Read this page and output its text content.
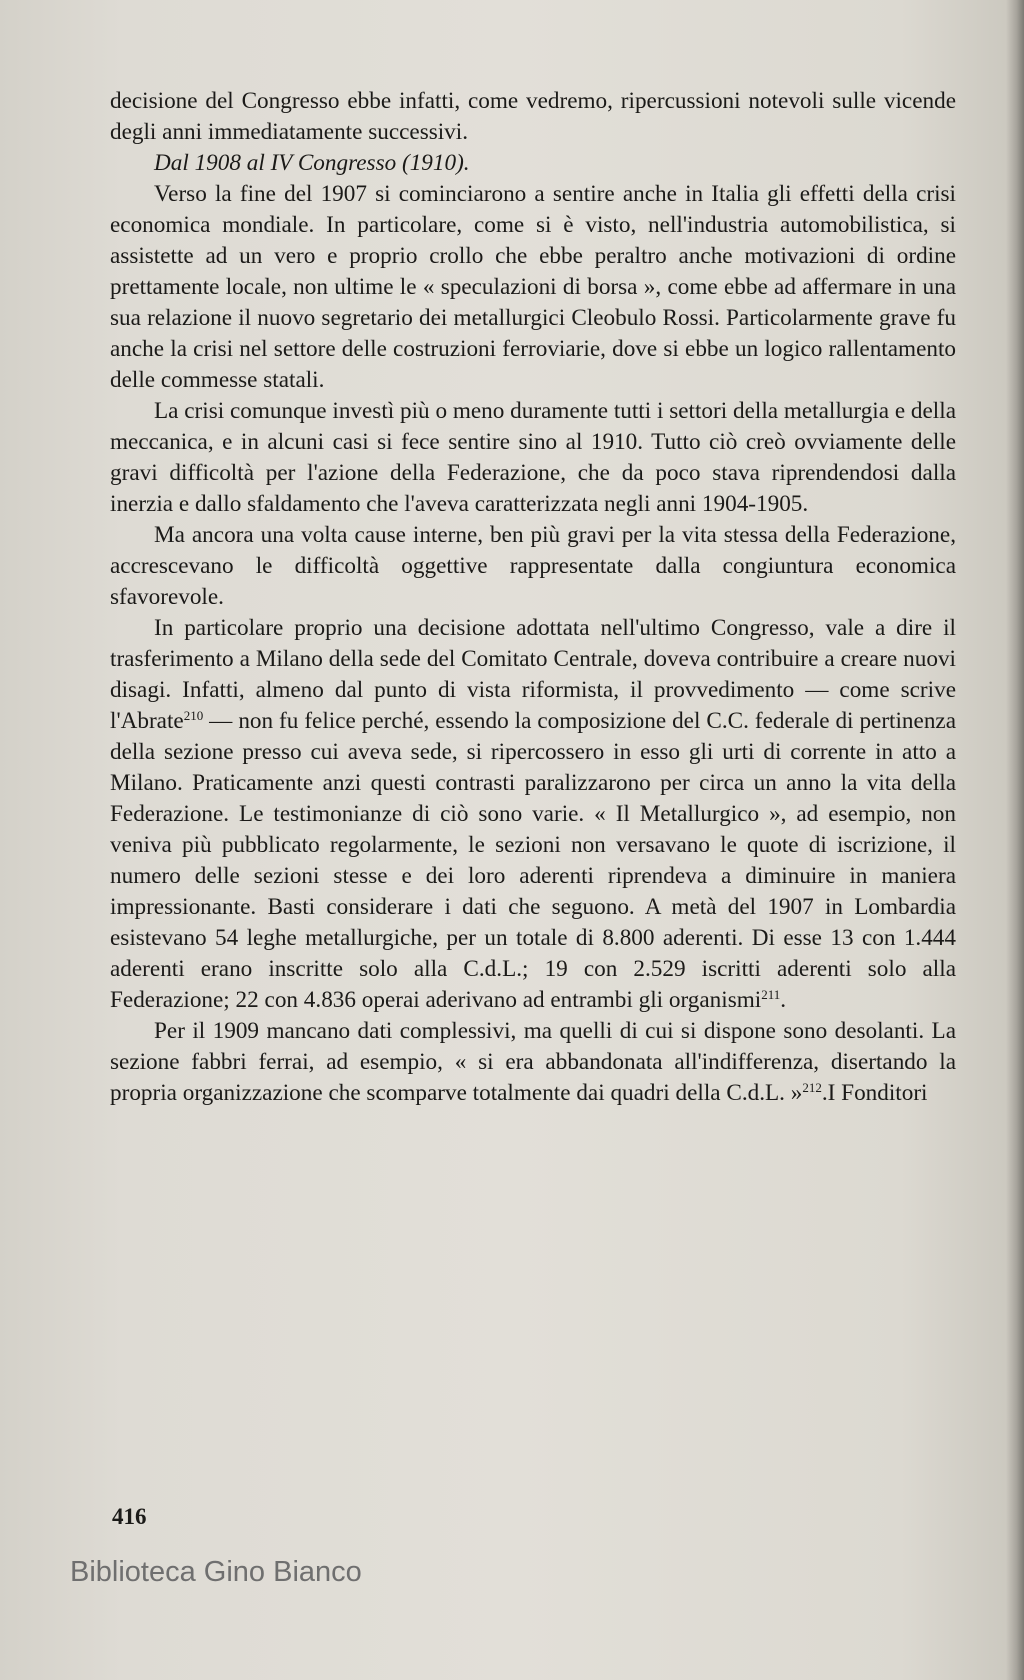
decisione del Congresso ebbe infatti, come vedremo, ripercussioni notevoli sulle vicende degli anni immediatamente successivi.

Dal 1908 al IV Congresso (1910).

Verso la fine del 1907 si cominciarono a sentire anche in Italia gli effetti della crisi economica mondiale. In particolare, come si è visto, nell'industria automobilistica, si assistette ad un vero e proprio crollo che ebbe peraltro anche motivazioni di ordine prettamente locale, non ultime le « speculazioni di borsa », come ebbe ad affermare in una sua relazione il nuovo segretario dei metallurgici Cleobulo Rossi. Particolarmente grave fu anche la crisi nel settore delle costruzioni ferroviarie, dove si ebbe un logico rallentamento delle commesse statali.

La crisi comunque investì più o meno duramente tutti i settori della metallurgia e della meccanica, e in alcuni casi si fece sentire sino al 1910. Tutto ciò creò ovviamente delle gravi difficoltà per l'azione della Federazione, che da poco stava riprendendosi dalla inerzia e dallo sfaldamento che l'aveva caratterizzata negli anni 1904-1905.

Ma ancora una volta cause interne, ben più gravi per la vita stessa della Federazione, accrescevano le difficoltà oggettive rappresentate dalla congiuntura economica sfavorevole.

In particolare proprio una decisione adottata nell'ultimo Congresso, vale a dire il trasferimento a Milano della sede del Comitato Centrale, doveva contribuire a creare nuovi disagi. Infatti, almeno dal punto di vista riformista, il provvedimento — come scrive l'Abrate$^{210}$ — non fu felice perché, essendo la composizione del C.C. federale di pertinenza della sezione presso cui aveva sede, si ripercossero in esso gli urti di corrente in atto a Milano. Praticamente anzi questi contrasti paralizzarono per circa un anno la vita della Federazione. Le testimonianze di ciò sono varie. « Il Metallurgico », ad esempio, non veniva più pubblicato regolarmente, le sezioni non versavano le quote di iscrizione, il numero delle sezioni stesse e dei loro aderenti riprendeva a diminuire in maniera impressionante. Basti considerare i dati che seguono. A metà del 1907 in Lombardia esistevano 54 leghe metallurgiche, per un totale di 8.800 aderenti. Di esse 13 con 1.444 aderenti erano inscritte solo alla C.d.L.; 19 con 2.529 iscritti aderenti solo alla Federazione; 22 con 4.836 operai aderivano ad entrambi gli organismi$^{211}$.

Per il 1909 mancano dati complessivi, ma quelli di cui si dispone sono desolanti. La sezione fabbri ferrai, ad esempio, « si era abbandonata all'indifferenza, disertando la propria organizzazione che scomparve totalmente dai quadri della C.d.L. »$^{212}$.I Fonditori

416
Biblioteca Gino Bianco
